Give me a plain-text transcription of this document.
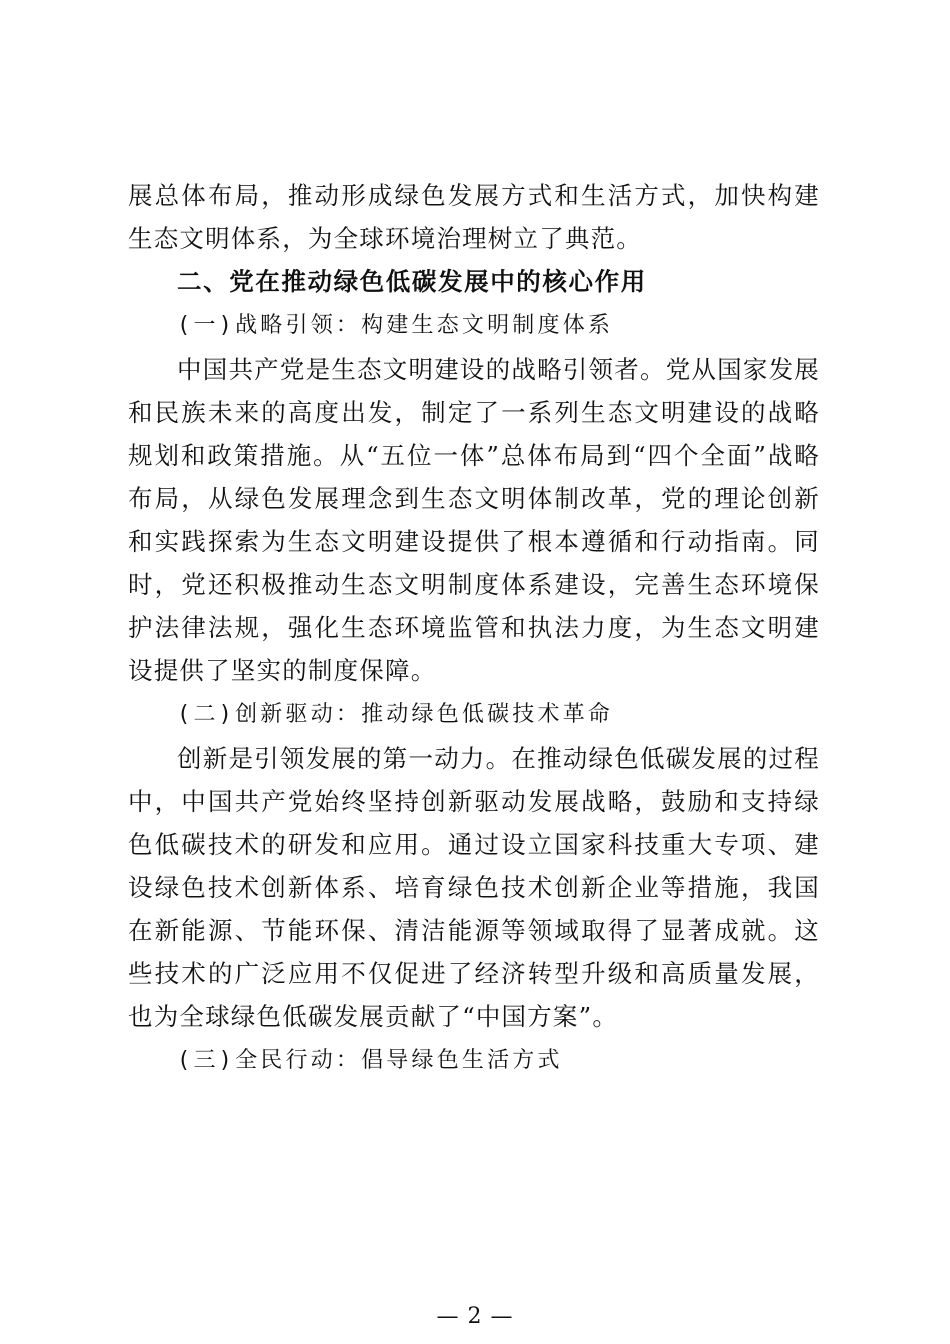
展总体布局，推动形成绿色发展方式和生活方式，加快构建生态文明体系，为全球环境治理树立了典范。

二、党在推动绿色低碳发展中的核心作用

(一)战略引领：构建生态文明制度体系

中国共产党是生态文明建设的战略引领者。党从国家发展和民族未来的高度出发，制定了一系列生态文明建设的战略规划和政策措施。从“五位一体”总体布局到“四个全面”战略布局，从绿色发展理念到生态文明体制改革，党的理论创新和实践探索为生态文明建设提供了根本遵循和行动指南。同时，党还积极推动生态文明制度体系建设，完善生态环境保护法律法规，强化生态环境监管和执法力度，为生态文明建设提供了坚实的制度保障。

(二)创新驱动：推动绿色低碳技术革命

创新是引领发展的第一动力。在推动绿色低碳发展的过程中，中国共产党始终坚持创新驱动发展战略，鼓励和支持绿色低碳技术的研发和应用。通过设立国家科技重大专项、建设绿色技术创新体系、培育绿色技术创新企业等措施，我国在新能源、节能环保、清洁能源等领域取得了显著成就。这些技术的广泛应用不仅促进了经济转型升级和高质量发展，也为全球绿色低碳发展贡献了“中国方案”。

(三)全民行动：倡导绿色生活方式

— 2 —
